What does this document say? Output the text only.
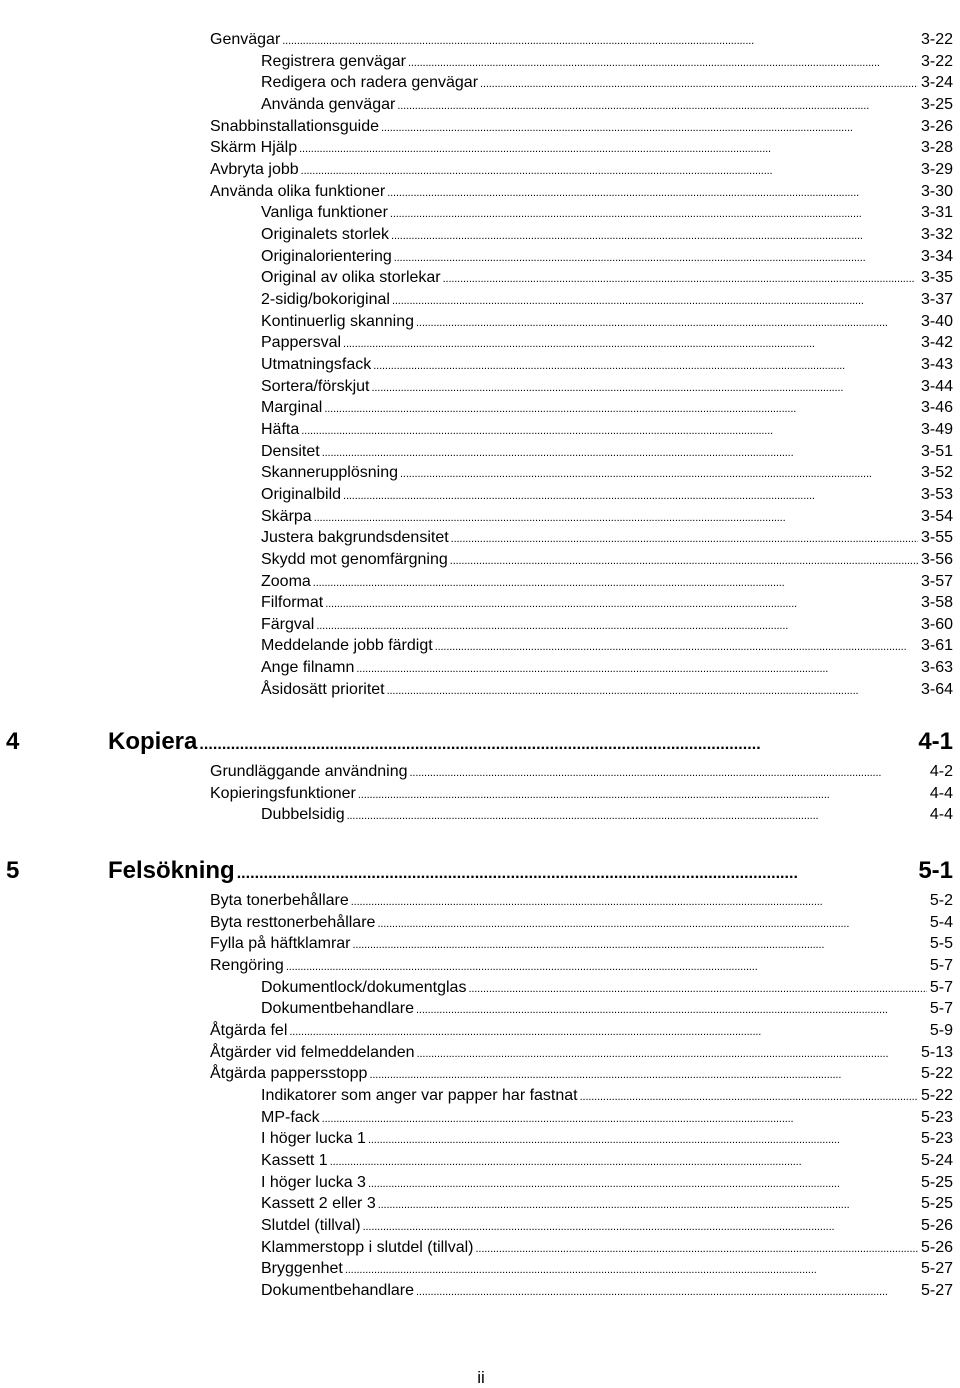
Genvägar . . .	3-22
Registrera genvägar . . .	3-22
Redigera och radera genvägar . . .	3-24
Använda genvägar . . .	3-25
Snabbinstallationsguide . . .	3-26
Skärm Hjälp . . .	3-28
Avbryta jobb . . .	3-29
Använda olika funktioner . . .	3-30
Vanliga funktioner . . .	3-31
Originalets storlek . . .	3-32
Originalorientering . . .	3-34
Original av olika storlekar . . .	3-35
2-sidig/bokoriginal . . .	3-37
Kontinuerlig skanning . . .	3-40
Pappersval . . .	3-42
Utmatningsfack . . .	3-43
Sortera/förskjut . . .	3-44
Marginal . . .	3-46
Häfta . . .	3-49
Densitet . . .	3-51
Skannerupplösning . . .	3-52
Originalbild . . .	3-53
Skärpa . . .	3-54
Justera bakgrundsdensitet . . .	3-55
Skydd mot genomfärgning . . .	3-56
Zooma . . .	3-57
Filformat . . .	3-58
Färgval . . .	3-60
Meddelande jobb färdigt . . .	3-61
Ange filnamn . . .	3-63
Åsidosätt prioritet . . .	3-64
4	Kopiera . . .	4-1
Grundläggande användning . . .	4-2
Kopieringsfunktioner . . .	4-4
Dubbelsidig . . .	4-4
5	Felsökning . . .	5-1
Byta tonerbehållare . . .	5-2
Byta resttonerbehållare . . .	5-4
Fylla på häftklamrar . . .	5-5
Rengöring . . .	5-7
Dokumentlock/dokumentglas . . .	5-7
Dokumentbehandlare . . .	5-7
Åtgärda fel . . .	5-9
Åtgärder vid felmeddelanden . . .	5-13
Åtgärda pappersstopp . . .	5-22
Indikatorer som anger var papper har fastnat . . .	5-22
MP-fack . . .	5-23
I höger lucka 1 . . .	5-23
Kassett 1 . . .	5-24
I höger lucka 3 . . .	5-25
Kassett 2 eller 3 . . .	5-25
Slutdel (tillval) . . .	5-26
Klammerstopp i slutdel (tillval) . . .	5-26
Bryggenhet . . .	5-27
Dokumentbehandlare . . .	5-27
ii
